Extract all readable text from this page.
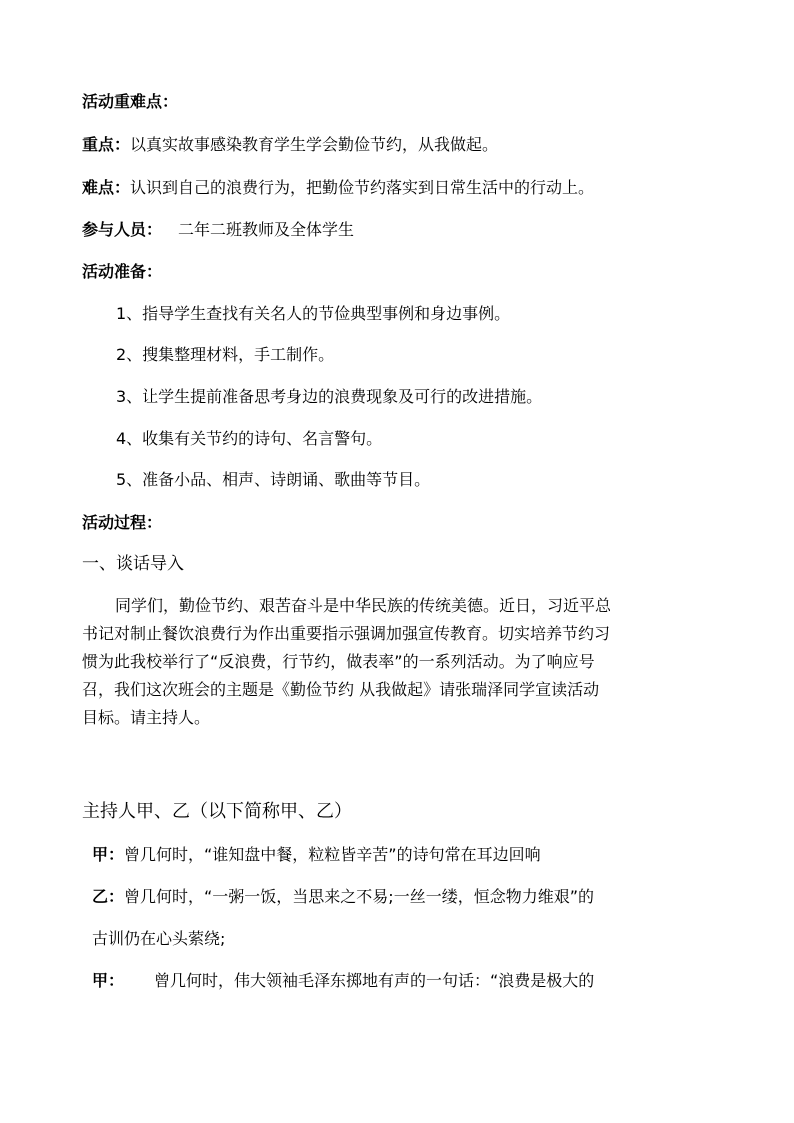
活动重难点：
重点：以真实故事感染教育学生学会勤俭节约，从我做起。
难点：认识到自己的浪费行为，把勤俭节约落实到日常生活中的行动上。
参与人员： 二年二班教师及全体学生
活动准备：
1、指导学生查找有关名人的节俭典型事例和身边事例。
2、搜集整理材料，手工制作。
3、让学生提前准备思考身边的浪费现象及可行的改进措施。
4、收集有关节约的诗句、名言警句。
5、准备小品、相声、诗朗诵、歌曲等节目。
活动过程：
一、谈话导入
同学们，勤俭节约、艰苦奋斗是中华民族的传统美德。近日，习近平总
书记对制止餐饮浪费行为作出重要指示强调加强宣传教育。切实培养节约习
惯为此我校举行了“反浪费，行节约，做表率”的一系列活动。为了响应号
召，我们这次班会的主题是《勤俭节约 从我做起》请张瑞泽同学宣读活动
目标。请主持人。
主持人甲、乙（以下简称甲、乙）
甲：曾几何时，“谁知盘中餐，粒粒皆辛苦”的诗句常在耳边回响
乙：曾几何时，“一粥一饭，当思来之不易;一丝一缕，恒念物力维艰”的
古训仍在心头萦绕;
甲： 曾几何时，伟大领袖毛泽东掷地有声的一句话：“浪费是极大的
